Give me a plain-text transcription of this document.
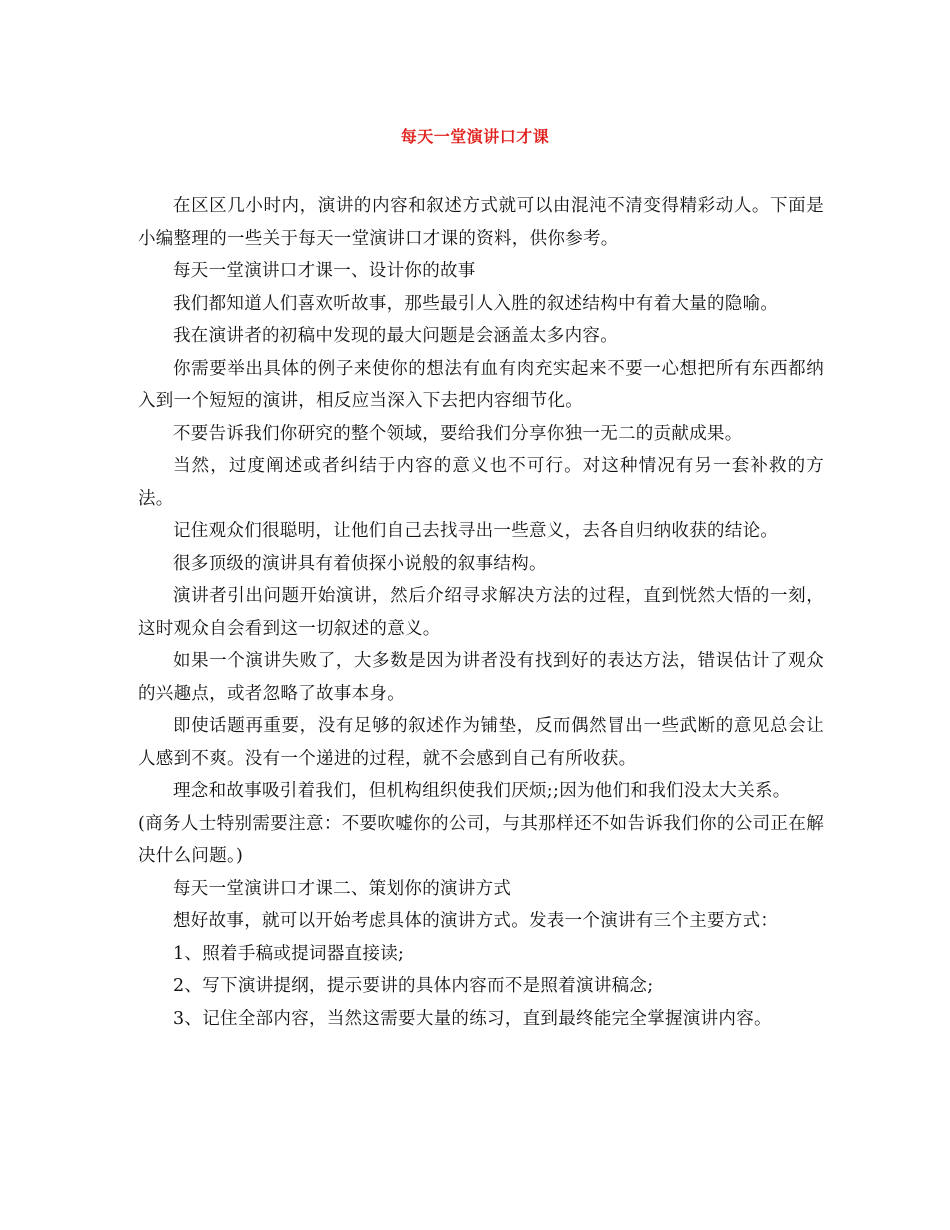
每天一堂演讲口才课

在区区几小时内，演讲的内容和叙述方式就可以由混沌不清变得精彩动人。下面是小编整理的一些关于每天一堂演讲口才课的资料，供你参考。

每天一堂演讲口才课一、设计你的故事

我们都知道人们喜欢听故事，那些最引人入胜的叙述结构中有着大量的隐喻。

我在演讲者的初稿中发现的最大问题是会涵盖太多内容。

你需要举出具体的例子来使你的想法有血有肉充实起来不要一心想把所有东西都纳入到一个短短的演讲，相反应当深入下去把内容细节化。

不要告诉我们你研究的整个领域，要给我们分享你独一无二的贡献成果。

当然，过度阐述或者纠结于内容的意义也不可行。对这种情况有另一套补救的方法。

记住观众们很聪明，让他们自己去找寻出一些意义，去各自归纳收获的结论。

很多顶级的演讲具有着侦探小说般的叙事结构。

演讲者引出问题开始演讲，然后介绍寻求解决方法的过程，直到恍然大悟的一刻，这时观众自会看到这一切叙述的意义。

如果一个演讲失败了，大多数是因为讲者没有找到好的表达方法，错误估计了观众的兴趣点，或者忽略了故事本身。

即使话题再重要，没有足够的叙述作为铺垫，反而偶然冒出一些武断的意见总会让人感到不爽。没有一个递进的过程，就不会感到自己有所收获。

理念和故事吸引着我们，但机构组织使我们厌烦;;因为他们和我们没太大关系。

(商务人士特别需要注意：不要吹嘘你的公司，与其那样还不如告诉我们你的公司正在解决什么问题。)

每天一堂演讲口才课二、策划你的演讲方式

想好故事，就可以开始考虑具体的演讲方式。发表一个演讲有三个主要方式：

1、照着手稿或提词器直接读;

2、写下演讲提纲，提示要讲的具体内容而不是照着演讲稿念;

3、记住全部内容，当然这需要大量的练习，直到最终能完全掌握演讲内容。
